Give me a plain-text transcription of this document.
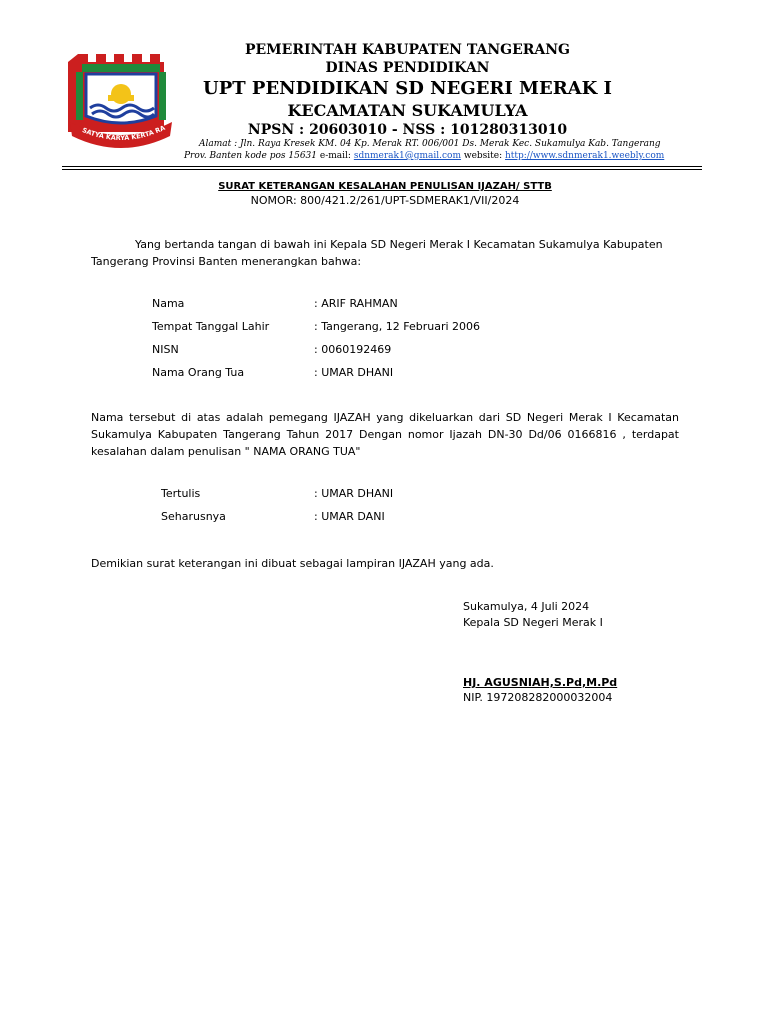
SATYA KARYA KERTA RA
PEMERINTAH KABUPATEN TANGERANG
DINAS PENDIDIKAN
UPT PENDIDIKAN SD NEGERI MERAK I
KECAMATAN SUKAMULYA
NPSN : 20603010 - NSS : 101280313010
Alamat : Jln. Raya Kresek KM. 04 Kp. Merak RT. 006/001 Ds. Merak Kec. Sukamulya Kab. Tangerang
Prov. Banten kode pos 15631 e-mail: sdnmerak1@gmail.com website: http://www.sdnmerak1.weebly.com
SURAT KETERANGAN KESALAHAN PENULISAN IJAZAH/ STTB
NOMOR: 800/421.2/261/UPT-SDMERAK1/VII/2024
Yang bertanda tangan di bawah ini Kepala SD Negeri Merak I Kecamatan Sukamulya Kabupaten Tangerang Provinsi Banten menerangkan bahwa:
Nama	: ARIF RAHMAN
Tempat Tanggal Lahir	: Tangerang, 12 Februari 2006
NISN	: 0060192469
Nama Orang Tua	: UMAR DHANI
Nama tersebut di atas adalah pemegang IJAZAH yang dikeluarkan dari SD Negeri Merak I Kecamatan Sukamulya Kabupaten Tangerang Tahun 2017 Dengan nomor Ijazah DN-30 Dd/06 0166816 , terdapat kesalahan dalam penulisan " NAMA ORANG TUA"
Tertulis	: UMAR DHANI
Seharusnya	: UMAR DANI
Demikian surat keterangan ini dibuat sebagai lampiran IJAZAH yang ada.
Sukamulya, 4 Juli 2024
Kepala SD Negeri Merak I
HJ. AGUSNIAH,S.Pd,M.Pd
NIP. 197208282000032004
